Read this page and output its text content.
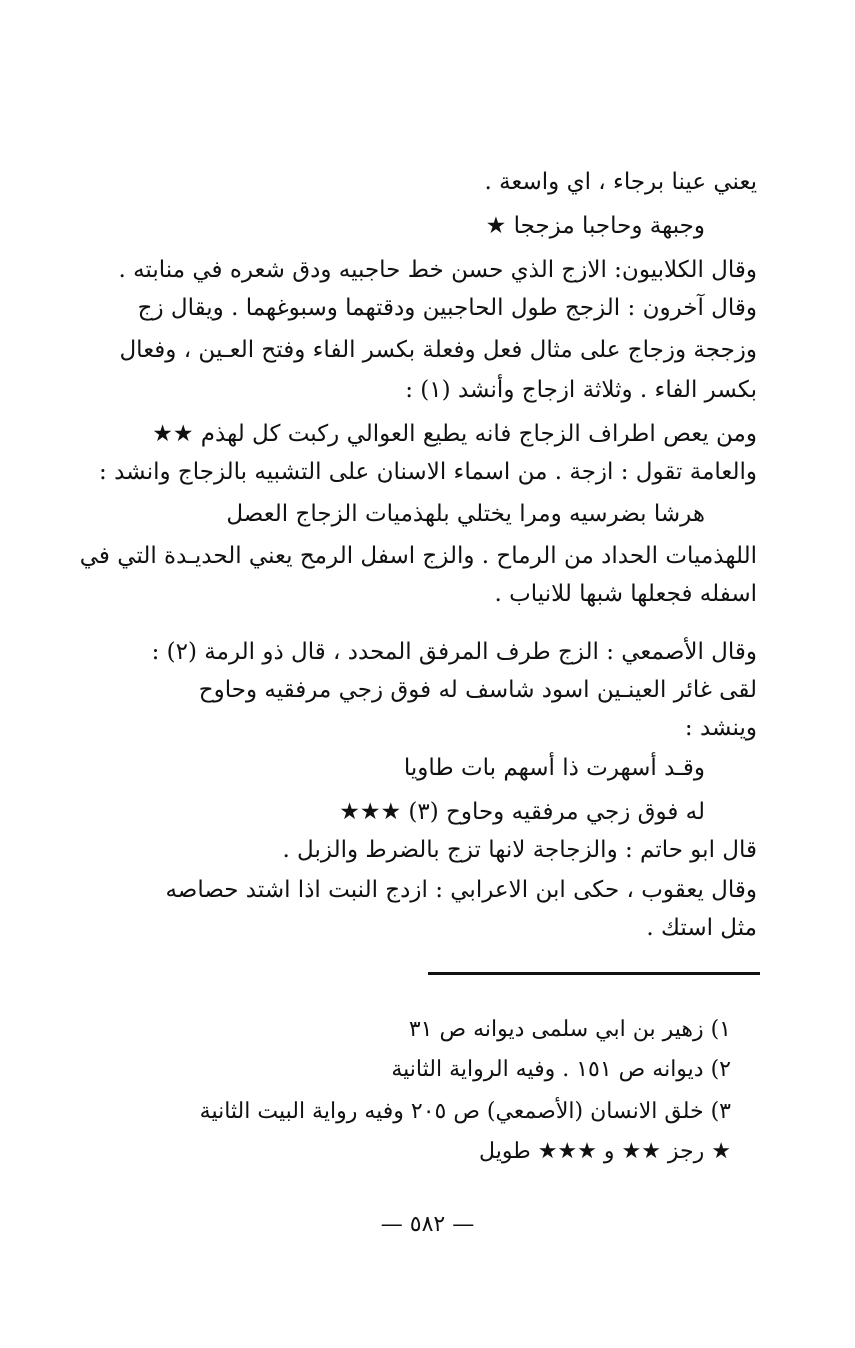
يعني عينا برجاء ، اي واسعة .
وجبهة وحاجبا مزججا ★
وقال الكلابيون: الازج الذي حسن خط حاجبيه ودق شعره في منابته .
وقال آخرون : الزجج طول الحاجبين ودقتهما وسبوغهما . ويقال زج
وزججة وزجاج على مثال فعل وفعلة بكسر الفاء وفتح العـين ، وفعال
بكسر الفاء . وثلاثة ازجاج وأنشد (١) :
ومن يعص اطراف الزجاج فانه يطيع العوالي ركبت كل لهذم ★★
والعامة تقول : ازجة . من اسماء الاسنان على التشبيه بالزجاج وانشد :
هرشا بضرسيه ومرا يختلي بلهذميات الزجاج العصل
اللهذميات الحداد من الرماح . والزج اسفل الرمح يعني الحديـدة التي في
اسفله فجعلها شبها للانياب .
وقال الأصمعي : الزج طرف المرفق المحدد ، قال ذو الرمة (٢) :
لقى غائر العينـين اسود شاسف له فوق زجي مرفقيه وحاوح
وينشد :
وقـد أسهرت ذا أسهم بات طاويا
له فوق زجي مرفقيه وحاوح (٣) ★★★
قال ابو حاتم : والزجاجة لانها تزج بالضرط والزبل .
وقال يعقوب ، حكى ابن الاعرابي : ازدج النبت اذا اشتد حصاصه
مثل استك .
١) زهير بن ابي سلمى ديوانه ص ٣١
٢) ديوانه ص ١٥١ . وفيه الرواية الثانية
٣) خلق الانسان (الأصمعي) ص ٢٠٥ وفيه رواية البيت الثانية
★ رجز ★★ و ★★★ طويل
— ٥٨٢ —
